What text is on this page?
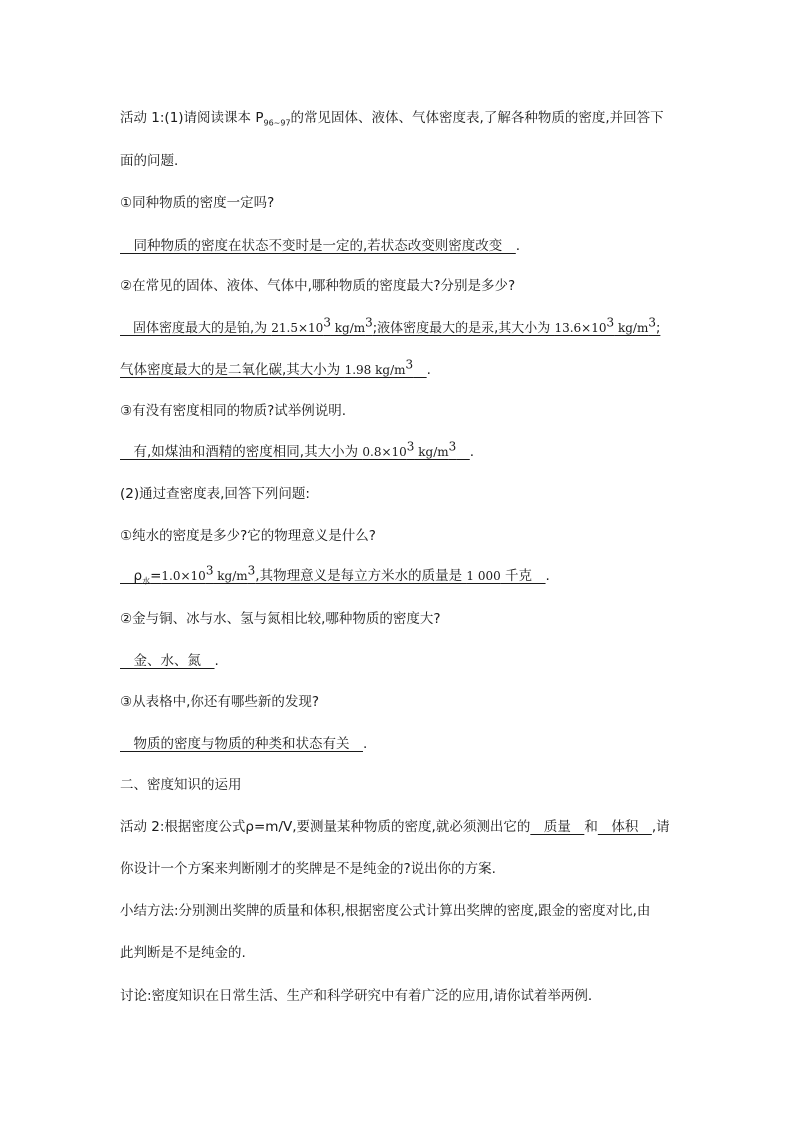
活动 1:(1)请阅读课本 $P_{96\sim 97}$的常见固体、液体、气体密度表,了解各种物质的密度,并回答下
面的问题.
①同种物质的密度一定吗?
　同种物质的密度在状态不变时是一定的,若状态改变则密度改变　.
②在常见的固体、液体、气体中,哪种物质的密度最大?分别是多少?
　固体密度最大的是铂,为 $21.5\times 10^3$ $kg/m^3$;液体密度最大的是汞,其大小为 $13.6\times 10^3$ $kg/m^3$;
气体密度最大的是二氧化碳,其大小为 1.98 $kg/m^3$　 .
③有没有密度相同的物质?试举例说明.
　有,如煤油和酒精的密度相同,其大小为 $0.8\times 10^3$ $kg/m^3$　 .
(2)通过查密度表,回答下列问题:
①纯水的密度是多少?它的物理意义是什么?
　$\rho_水=1.0\times 10^3$ $kg/m^3$,其物理意义是每立方米水的质量是 1 000 千克　.
②金与铜、冰与水、氢与氮相比较,哪种物质的密度大?
　金、水、氮　.
③从表格中,你还有哪些新的发现?
　物质的密度与物质的种类和状态有关　.
二、密度知识的运用
活动 2:根据密度公式ρ=m/V,要测量某种物质的密度,就必须测出它的　质量　和　体积　,请
你设计一个方案来判断刚才的奖牌是不是纯金的?说出你的方案.
小结方法:分别测出奖牌的质量和体积,根据密度公式计算出奖牌的密度,跟金的密度对比,由
此判断是不是纯金的.
讨论:密度知识在日常生活、生产和科学研究中有着广泛的应用,请你试着举两例.
